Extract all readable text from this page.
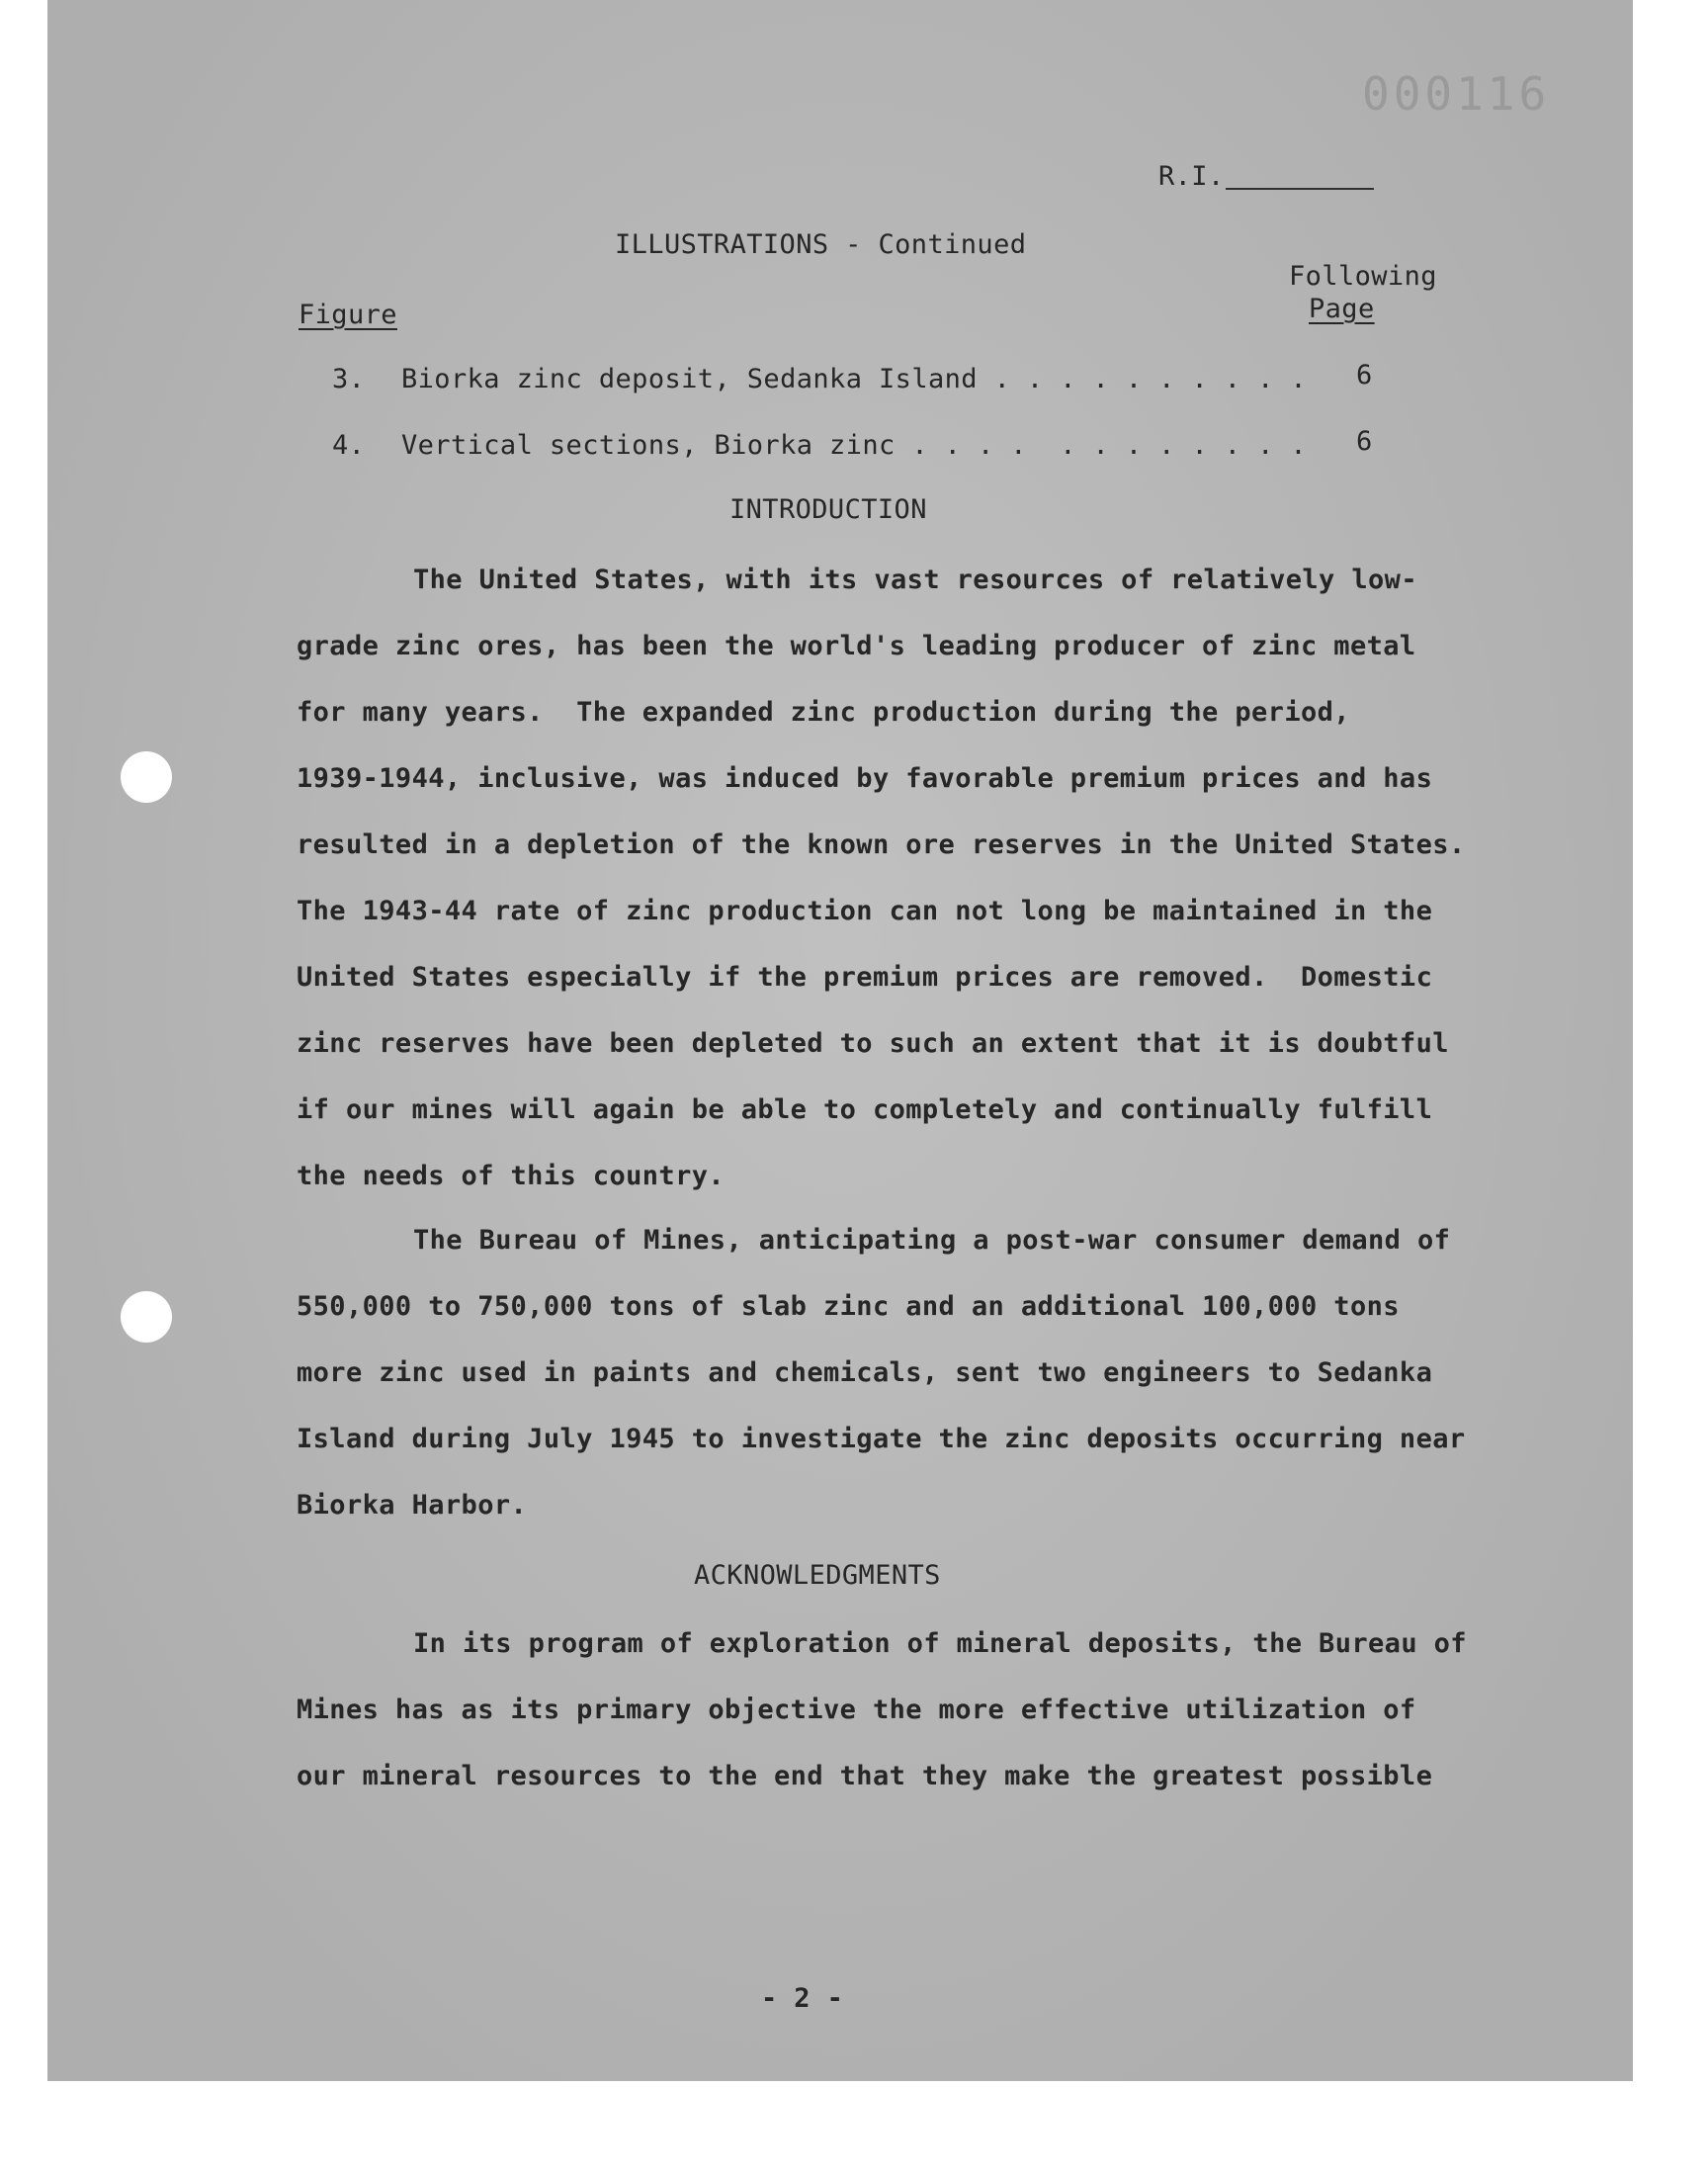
000116
R.I.
ILLUSTRATIONS - Continued
Following
Page
Figure
3. Biorka zinc deposit, Sedanka Island . . . . . . . . . . 6
4. Vertical sections, Biorka zinc . . . .  . . . . . . . . 6
INTRODUCTION

The United States, with its vast resources of relatively low-

grade zinc ores, has been the world's leading producer of zinc metal

for many years.  The expanded zinc production during the period,

1939-1944, inclusive, was induced by favorable premium prices and has

resulted in a depletion of the known ore reserves in the United States.

The 1943-44 rate of zinc production can not long be maintained in the

United States especially if the premium prices are removed.  Domestic

zinc reserves have been depleted to such an extent that it is doubtful

if our mines will again be able to completely and continually fulfill

the needs of this country.

The Bureau of Mines, anticipating a post-war consumer demand of

550,000 to 750,000 tons of slab zinc and an additional 100,000 tons

more zinc used in paints and chemicals, sent two engineers to Sedanka

Island during July 1945 to investigate the zinc deposits occurring near

Biorka Harbor.

ACKNOWLEDGMENTS

In its program of exploration of mineral deposits, the Bureau of

Mines has as its primary objective the more effective utilization of

our mineral resources to the end that they make the greatest possible

- 2 -
